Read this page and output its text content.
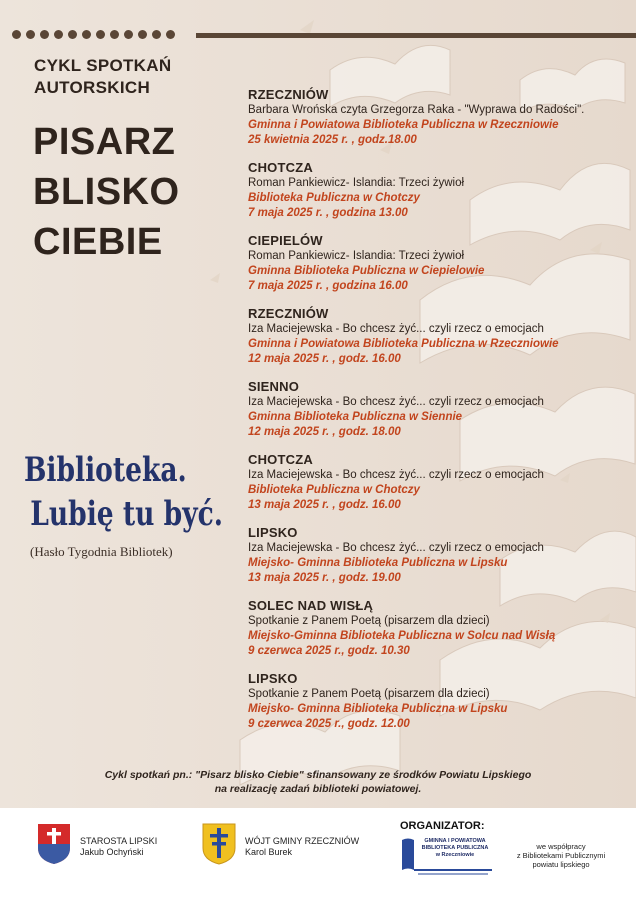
CYKL SPOTKAŃ
AUTORSKICH
PISARZ
BLISKO
CIEBIE
Biblioteka.
Lubię tu być.
(Hasło Tygodnia Bibliotek)
RZECZNIÓW
Barbara Wrońska czyta Grzegorza Raka - "Wyprawa do Radości".
Gminna i Powiatowa Biblioteka Publiczna w Rzeczniowie
25 kwietnia 2025 r. , godz.18.00
CHOTCZA
Roman Pankiewicz- Islandia: Trzeci żywioł
Biblioteka Publiczna w Chotczy
7 maja 2025 r. , godzina 13.00
CIEPIELÓW
Roman Pankiewicz- Islandia: Trzeci żywioł
Gminna Biblioteka Publiczna w Ciepielowie
7 maja 2025 r. , godzina 16.00
RZECZNIÓW
Iza Maciejewska - Bo chcesz żyć... czyli rzecz o emocjach
Gminna i Powiatowa Biblioteka Publiczna w Rzeczniowie
12 maja 2025 r. , godz. 16.00
SIENNO
Iza Maciejewska - Bo chcesz żyć... czyli rzecz o emocjach
Gminna Biblioteka Publiczna w Siennie
12 maja 2025 r. , godz. 18.00
CHOTCZA
Iza Maciejewska - Bo chcesz żyć... czyli rzecz o emocjach
Biblioteka Publiczna w Chotczy
13 maja 2025 r. , godz. 16.00
LIPSKO
Iza Maciejewska - Bo chcesz żyć... czyli rzecz o emocjach
Miejsko- Gminna Biblioteka Publiczna w Lipsku
13 maja 2025 r. , godz. 19.00
SOLEC NAD WISŁĄ
Spotkanie z Panem Poetą (pisarzem dla dzieci)
Miejsko-Gminna Biblioteka Publiczna w Solcu nad Wisłą
9 czerwca 2025 r., godz. 10.30
LIPSKO
Spotkanie z Panem Poetą (pisarzem dla dzieci)
Miejsko- Gminna Biblioteka Publiczna w Lipsku
9 czerwca 2025 r., godz. 12.00
Cykl spotkań pn.: "Pisarz blisko Ciebie" sfinansowany ze środków Powiatu Lipskiego
na realizację zadań biblioteki powiatowej.
STAROSTA LIPSKI
Jakub Ochyński
WÓJT GMINY RZECZNIÓW
Karol Burek
ORGANIZATOR:
GMINNA I POWIATOWA
BIBLIOTEKA PUBLICZNA
w Rzeczniowie
we współpracy
z Bibliotekami Publicznymi
powiatu lipskiego
